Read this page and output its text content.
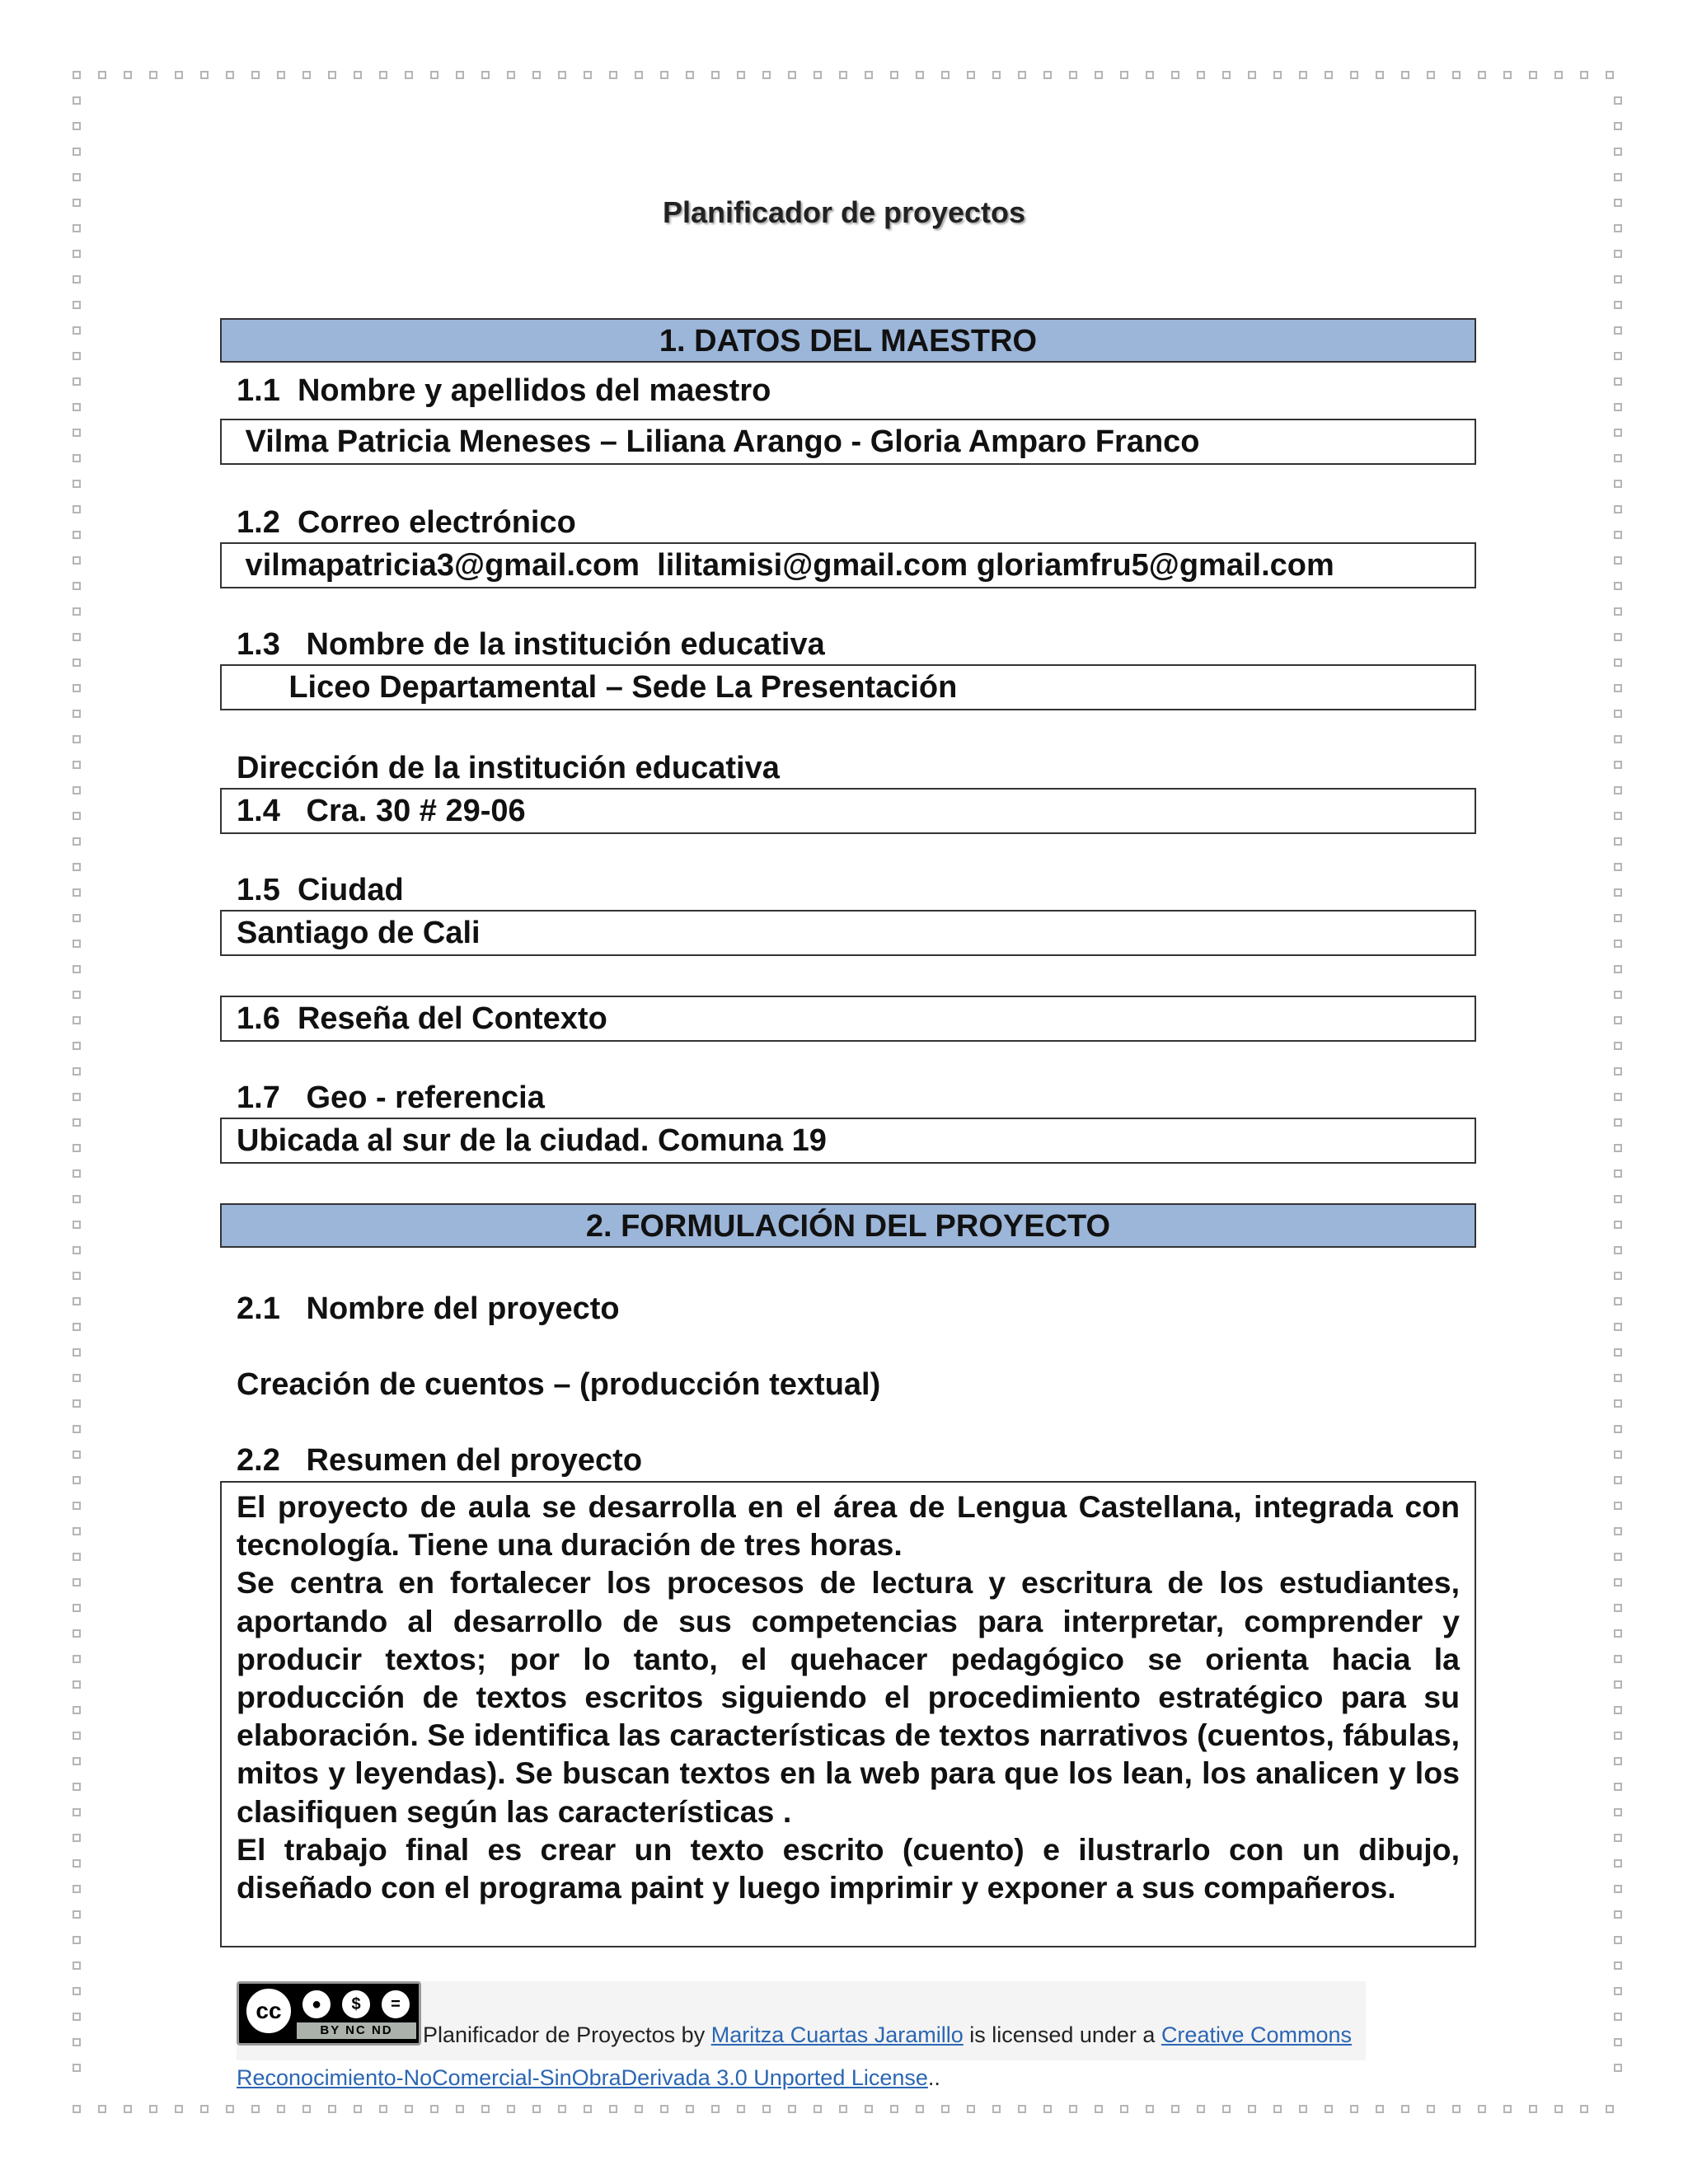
Planificador de proyectos
1. DATOS DEL MAESTRO
1.1  Nombre y apellidos del maestro
Vilma Patricia Meneses – Liliana Arango - Gloria Amparo Franco
1.2  Correo electrónico
vilmapatricia3@gmail.com  lilitamisi@gmail.com gloriamfru5@gmail.com
1.3   Nombre de la institución educativa
Liceo Departamental – Sede La Presentación
Dirección de la institución educativa
1.4   Cra. 30 # 29-06
1.5  Ciudad
Santiago de Cali
1.6  Reseña del Contexto
1.7   Geo - referencia
Ubicada al sur de la ciudad. Comuna 19
2. FORMULACIÓN DEL PROYECTO
2.1   Nombre del proyecto
Creación de cuentos – (producción textual)
2.2   Resumen del proyecto

El proyecto de aula se desarrolla en el área de Lengua Castellana, integrada con tecnología. Tiene una duración de tres horas.

Se centra en fortalecer los procesos de lectura y escritura de los estudiantes, aportando al desarrollo de sus competencias para interpretar, comprender y producir textos; por lo tanto, el quehacer pedagógico se orienta hacia la producción de textos escritos siguiendo el procedimiento estratégico para su elaboración. Se identifica las características de textos narrativos (cuentos, fábulas, mitos y leyendas). Se buscan textos en la web para que los lean, los analicen y los clasifiquen según las características .

El trabajo final es crear un texto escrito (cuento) e ilustrarlo con un dibujo, diseñado con el programa paint y luego imprimir y exponer a sus compañeros.

cc	●	$	=
BY NC ND	Planificador de Proyectos by Maritza Cuartas Jaramillo is licensed under a Creative Commons
Reconocimiento-NoComercial-SinObraDerivada 3.0 Unported License..
